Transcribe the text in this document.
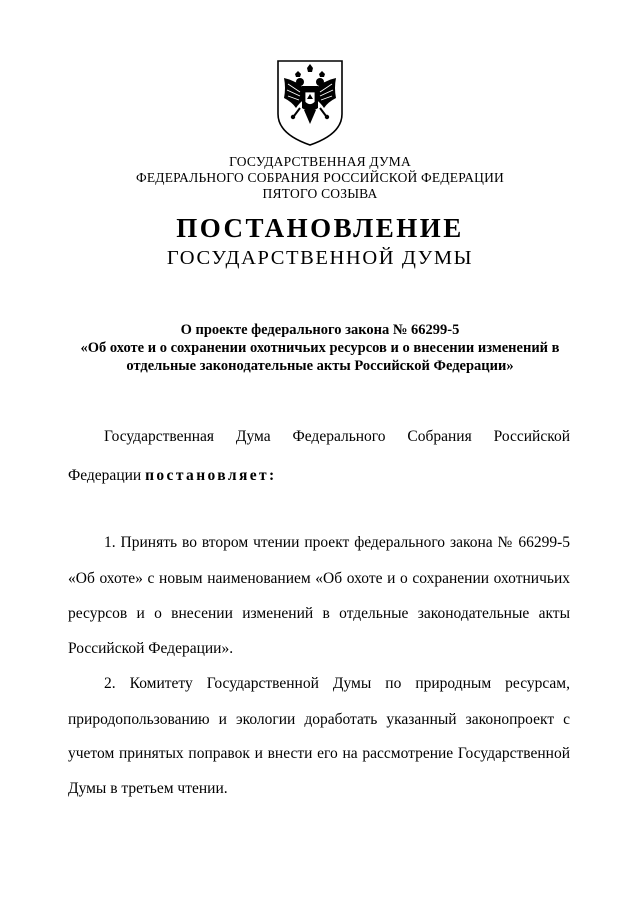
ГОСУДАРСТВЕННАЯ ДУМА
ФЕДЕРАЛЬНОГО СОБРАНИЯ РОССИЙСКОЙ ФЕДЕРАЦИИ
ПЯТОГО СОЗЫВА
ПОСТАНОВЛЕНИЕ
ГОСУДАРСТВЕННОЙ ДУМЫ
О проекте федерального закона № 66299-5
«Об охоте и о сохранении охотничьих ресурсов и о внесении изменений в
отдельные законодательные акты Российской Федерации»
Государственная Дума Федерального Собрания Российской
Федерации постановляет:
1. Принять во втором чтении проект федерального закона № 66299-5
«Об охоте» с новым наименованием «Об охоте и о сохранении охотничьих
ресурсов и о внесении изменений в отдельные законодательные акты
Российской Федерации».
2. Комитету Государственной Думы по природным ресурсам,
природопользованию и экологии доработать указанный законопроект с
учетом принятых поправок и внести его на рассмотрение Государственной
Думы в третьем чтении.
